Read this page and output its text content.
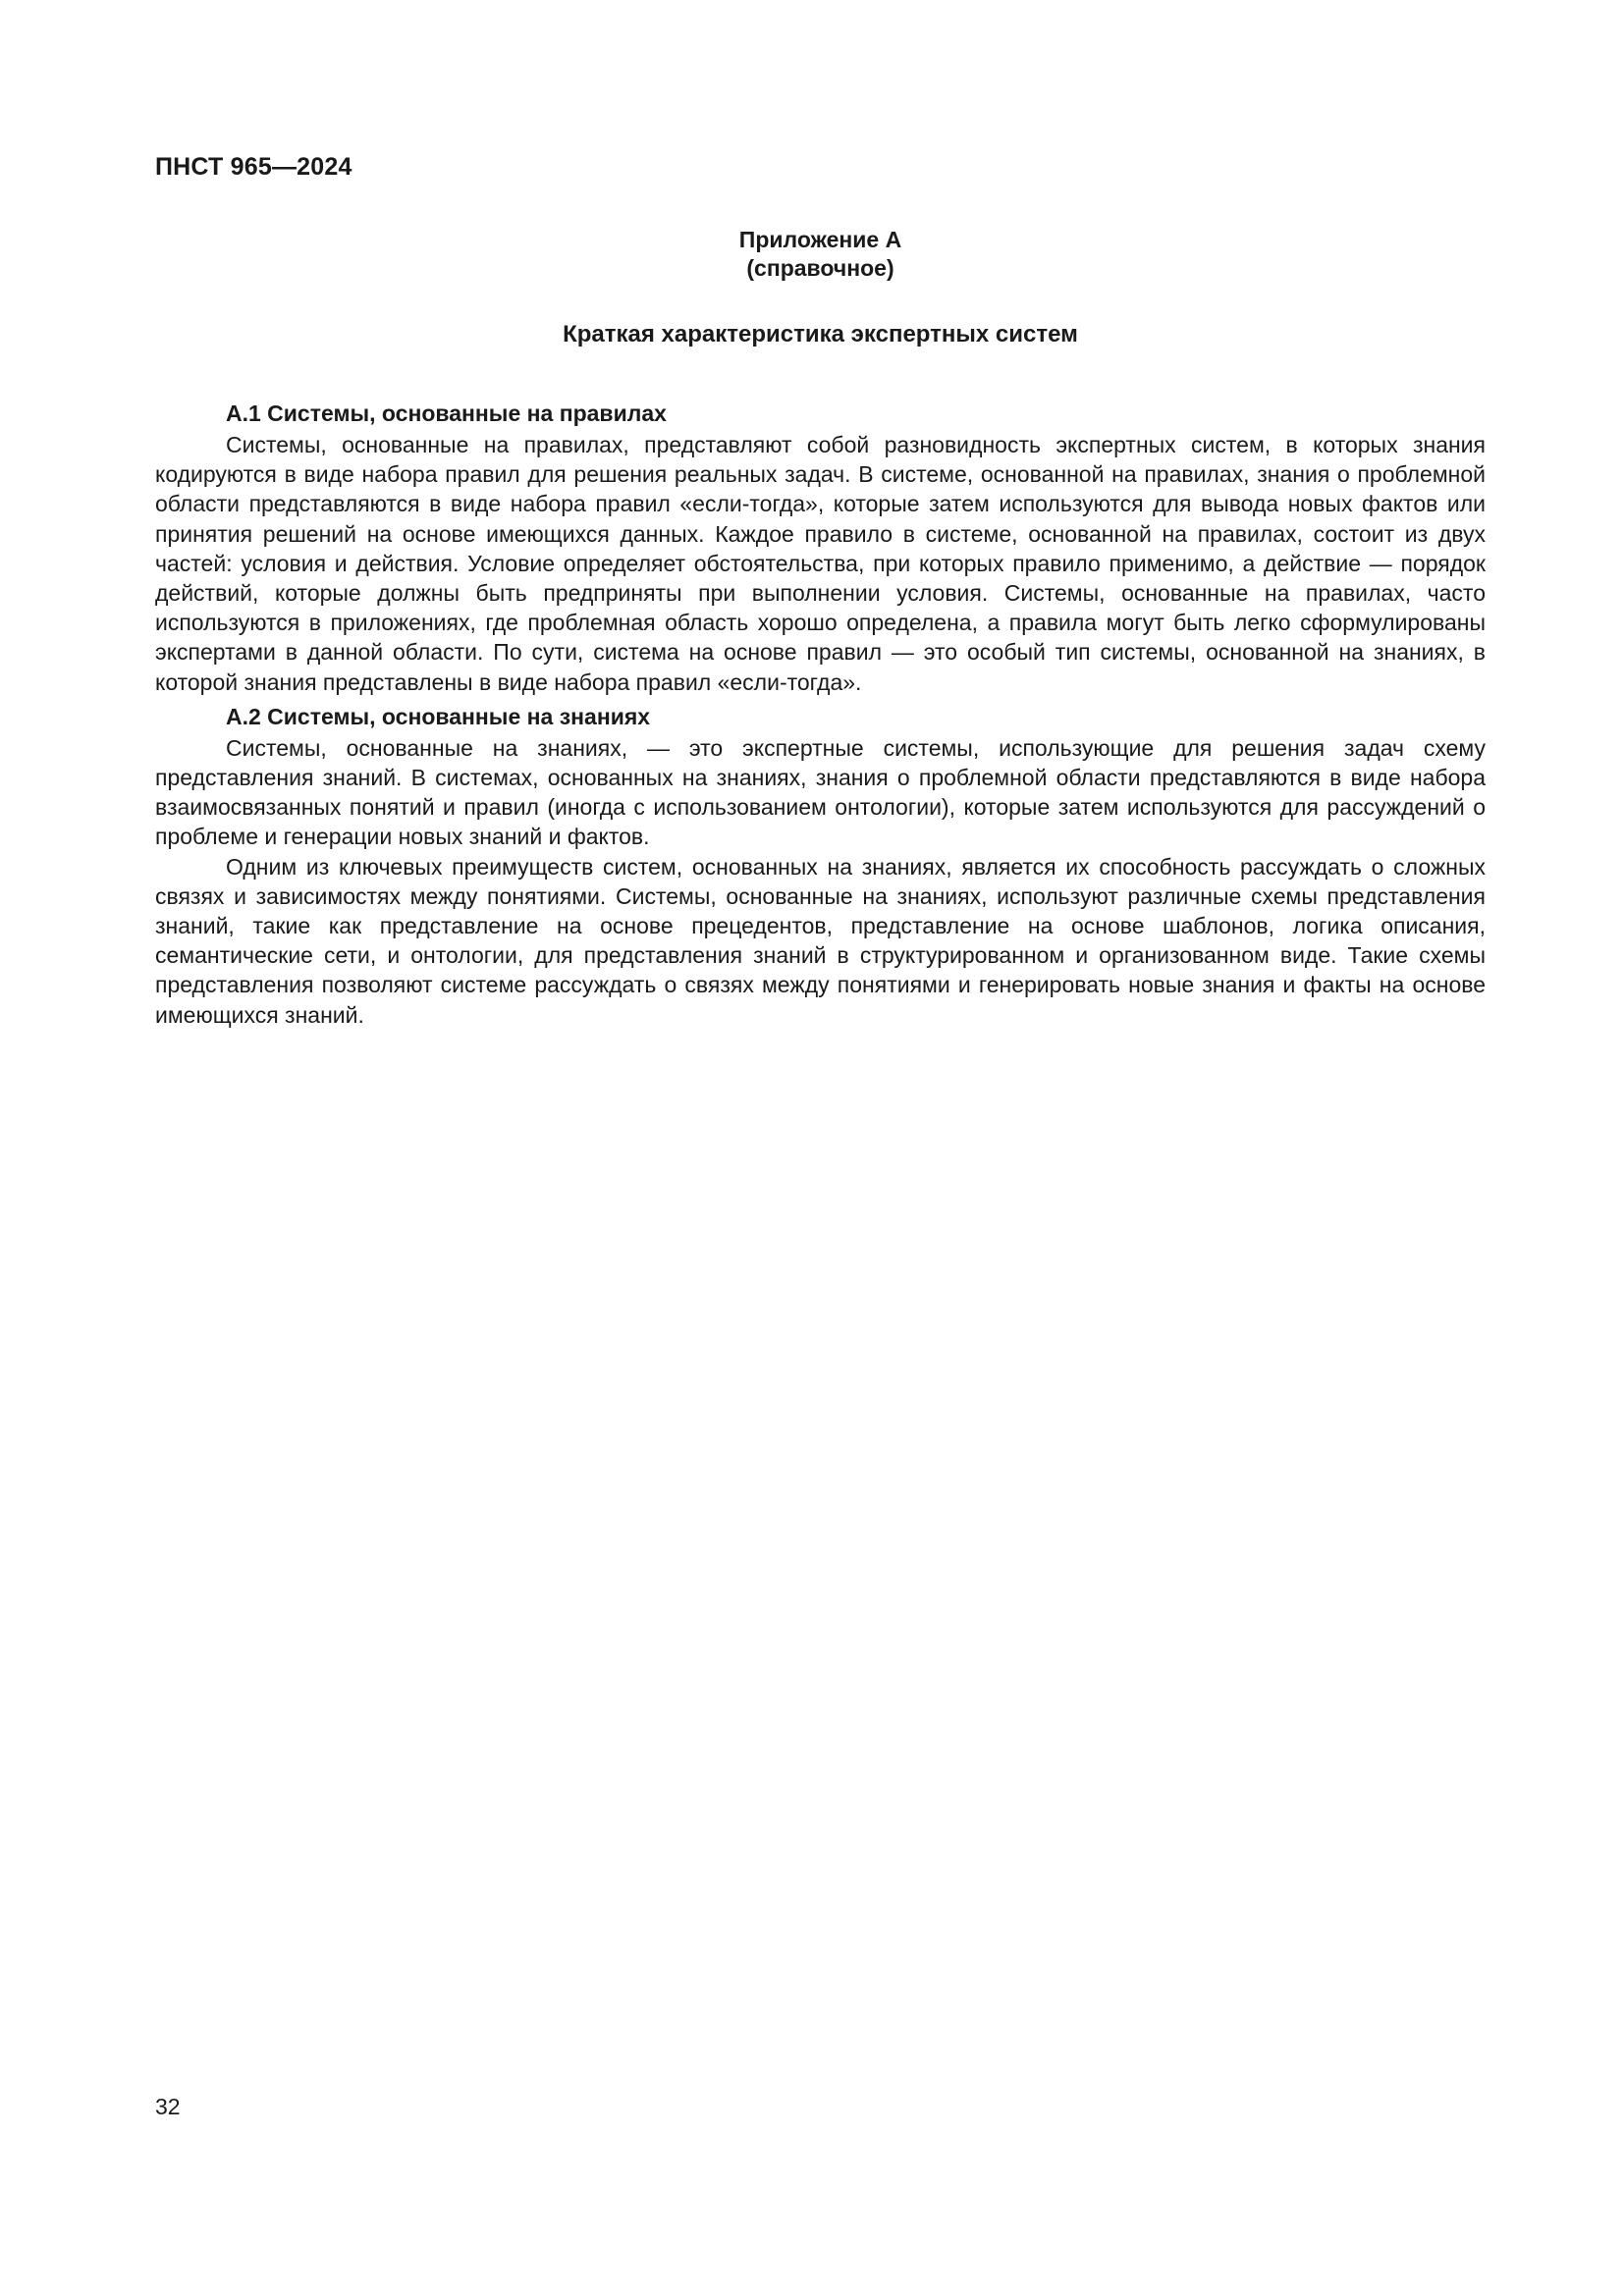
ПНСТ 965—2024
Приложение А
(справочное)
Краткая характеристика экспертных систем
А.1 Системы, основанные на правилах

Системы, основанные на правилах, представляют собой разновидность экспертных систем, в которых знания кодируются в виде набора правил для решения реальных задач. В системе, основанной на правилах, знания о проблемной области представляются в виде набора правил «если-тогда», которые затем используются для вывода новых фактов или принятия решений на основе имеющихся данных. Каждое правило в системе, основанной на правилах, состоит из двух частей: условия и действия. Условие определяет обстоятельства, при которых правило применимо, а действие — порядок действий, которые должны быть предприняты при выполнении условия. Системы, основанные на правилах, часто используются в приложениях, где проблемная область хорошо определена, а правила могут быть легко сформулированы экспертами в данной области. По сути, система на основе правил — это особый тип системы, основанной на знаниях, в которой знания представлены в виде набора правил «если-тогда».

А.2 Системы, основанные на знаниях

Системы, основанные на знаниях, — это экспертные системы, использующие для решения задач схему представления знаний. В системах, основанных на знаниях, знания о проблемной области представляются в виде набора взаимосвязанных понятий и правил (иногда с использованием онтологии), которые затем используются для рассуждений о проблеме и генерации новых знаний и фактов.

Одним из ключевых преимуществ систем, основанных на знаниях, является их способность рассуждать о сложных связях и зависимостях между понятиями. Системы, основанные на знаниях, используют различные схемы представления знаний, такие как представление на основе прецедентов, представление на основе шаблонов, логика описания, семантические сети, и онтологии, для представления знаний в структурированном и организованном виде. Такие схемы представления позволяют системе рассуждать о связях между понятиями и генерировать новые знания и факты на основе имеющихся знаний.

32
